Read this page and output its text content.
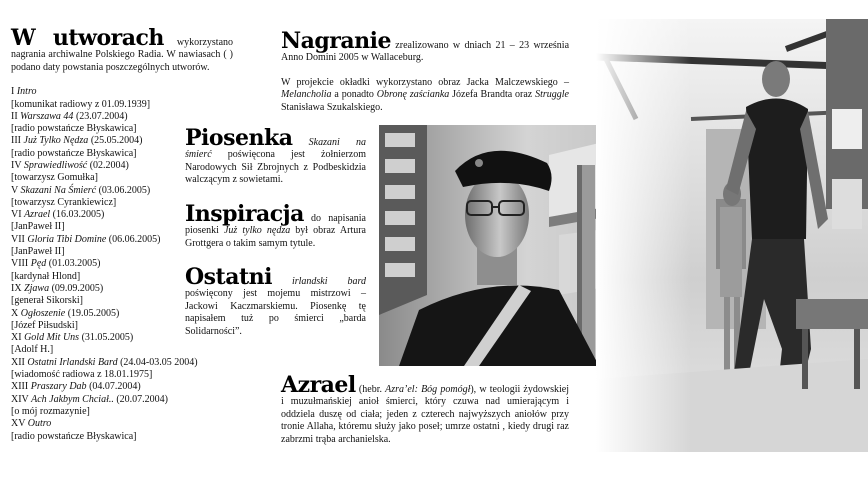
W utworach wykorzystano nagrania archiwalne Polskiego Radia. W nawiasach ( ) podano daty powstania poszczególnych utworów.

I Intro
[komunikat radiowy z 01.09.1939]
II Warszawa 44 (23.07.2004)
[radio powstańcze Błyskawica]
III Już Tylko Nędza (25.05.2004)
[radio powstańcze Błyskawica]
IV Sprawiedliwość (02.2004)
[towarzysz Gomułka]
V Skazani Na Śmierć (03.06.2005)
[towarzysz Cyrankiewicz]
VI Azrael (16.03.2005)
[JanPaweł II]
VII Gloria Tibi Domine (06.06.2005)
[JanPaweł II]
VIII Pęd (01.03.2005)
[kardynał Hlond]
IX Zjawa (09.09.2005)
[generał Sikorski]
X Ogłoszenie (19.05.2005)
[Józef Piłsudski]
XI Gold Mit Uns (31.05.2005)
[Adolf H.]
XII Ostatni Irlandski Bard (24.04-03.05 2004)
[wiadomość radiowa z 18.01.1975]
XIII Praszary Dab (04.07.2004)
XIV Ach Jakbym Chciał.. (20.07.2004)
[o mój rozmazynie]
XV Outro
[radio powstańcze Błyskawica]

Nagranie zrealizowano w dniach 21 – 23 września Anno Domini 2005 w Wallaceburg.

W projekcie okładki wykorzystano obraz Jacka Malczewskiego – Melancholia a ponadto Obronę zaścianka Józefa Brandta oraz Struggle Stanisława Szukalskiego.

Piosenka Skazani na śmierć poświęcona jest żołnierzom Narodowych Sił Zbrojnych z Podbeskidzia walczącym z sowietami.

Inspiracja do napisania piosenki Już tylko nędza był obraz Artura Grottgera o takim samym tytule.

Ostatni irlandski bard poświęcony jest mojemu mistrzowi – Jackowi Kaczmarskiemu. Piosenkę tę napisałem tuż po śmierci „barda Solidarności”.

Azrael (hebr. Azra’el: Bóg pomógł), w teologii żydowskiej i muzułmańskiej anioł śmierci, który czuwa nad umierającym i oddziela duszę od ciała; jeden z czterech najwyższych aniołów przy tronie Allaha, któremu służy jako poseł; umrze ostatni , kiedy drugi raz zabrzmi trąba archanielska.
